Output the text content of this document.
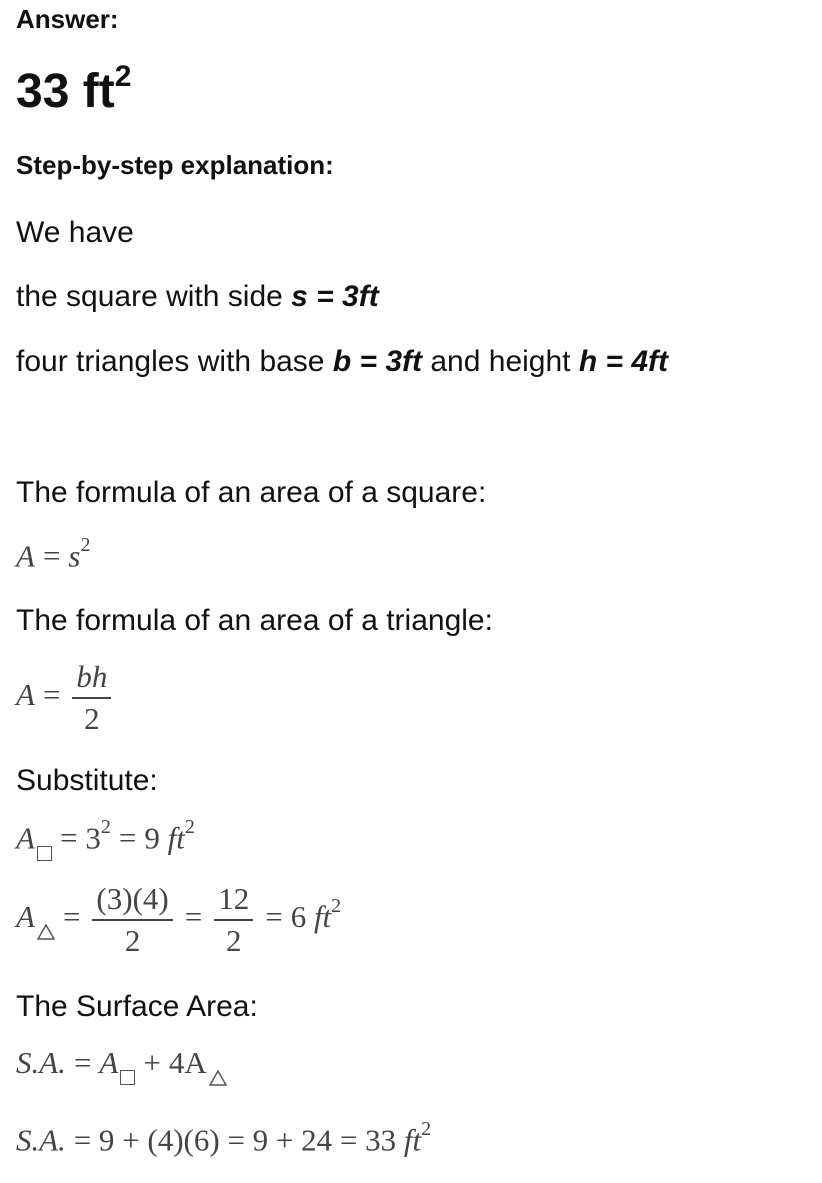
Answer:
33 $ft^2$
Step-by-step explanation:
We have
the square with side s = 3ft
four triangles with base b = 3ft and height h = 4ft
The formula of an area of a square:
$A = s^2$
The formula of an area of a triangle:
$A = \frac{bh}{2}$
Substitute:
$A = 3^2 = 9$ $ft^2$
$A = \frac{(3)(4)}{2} = \frac{12}{2} = 6$ $ft^2$
The Surface Area:
S.A. = A + 4A
S.A. = 9 + (4)(6) = 9 + 24 = 33 $ft^2$
